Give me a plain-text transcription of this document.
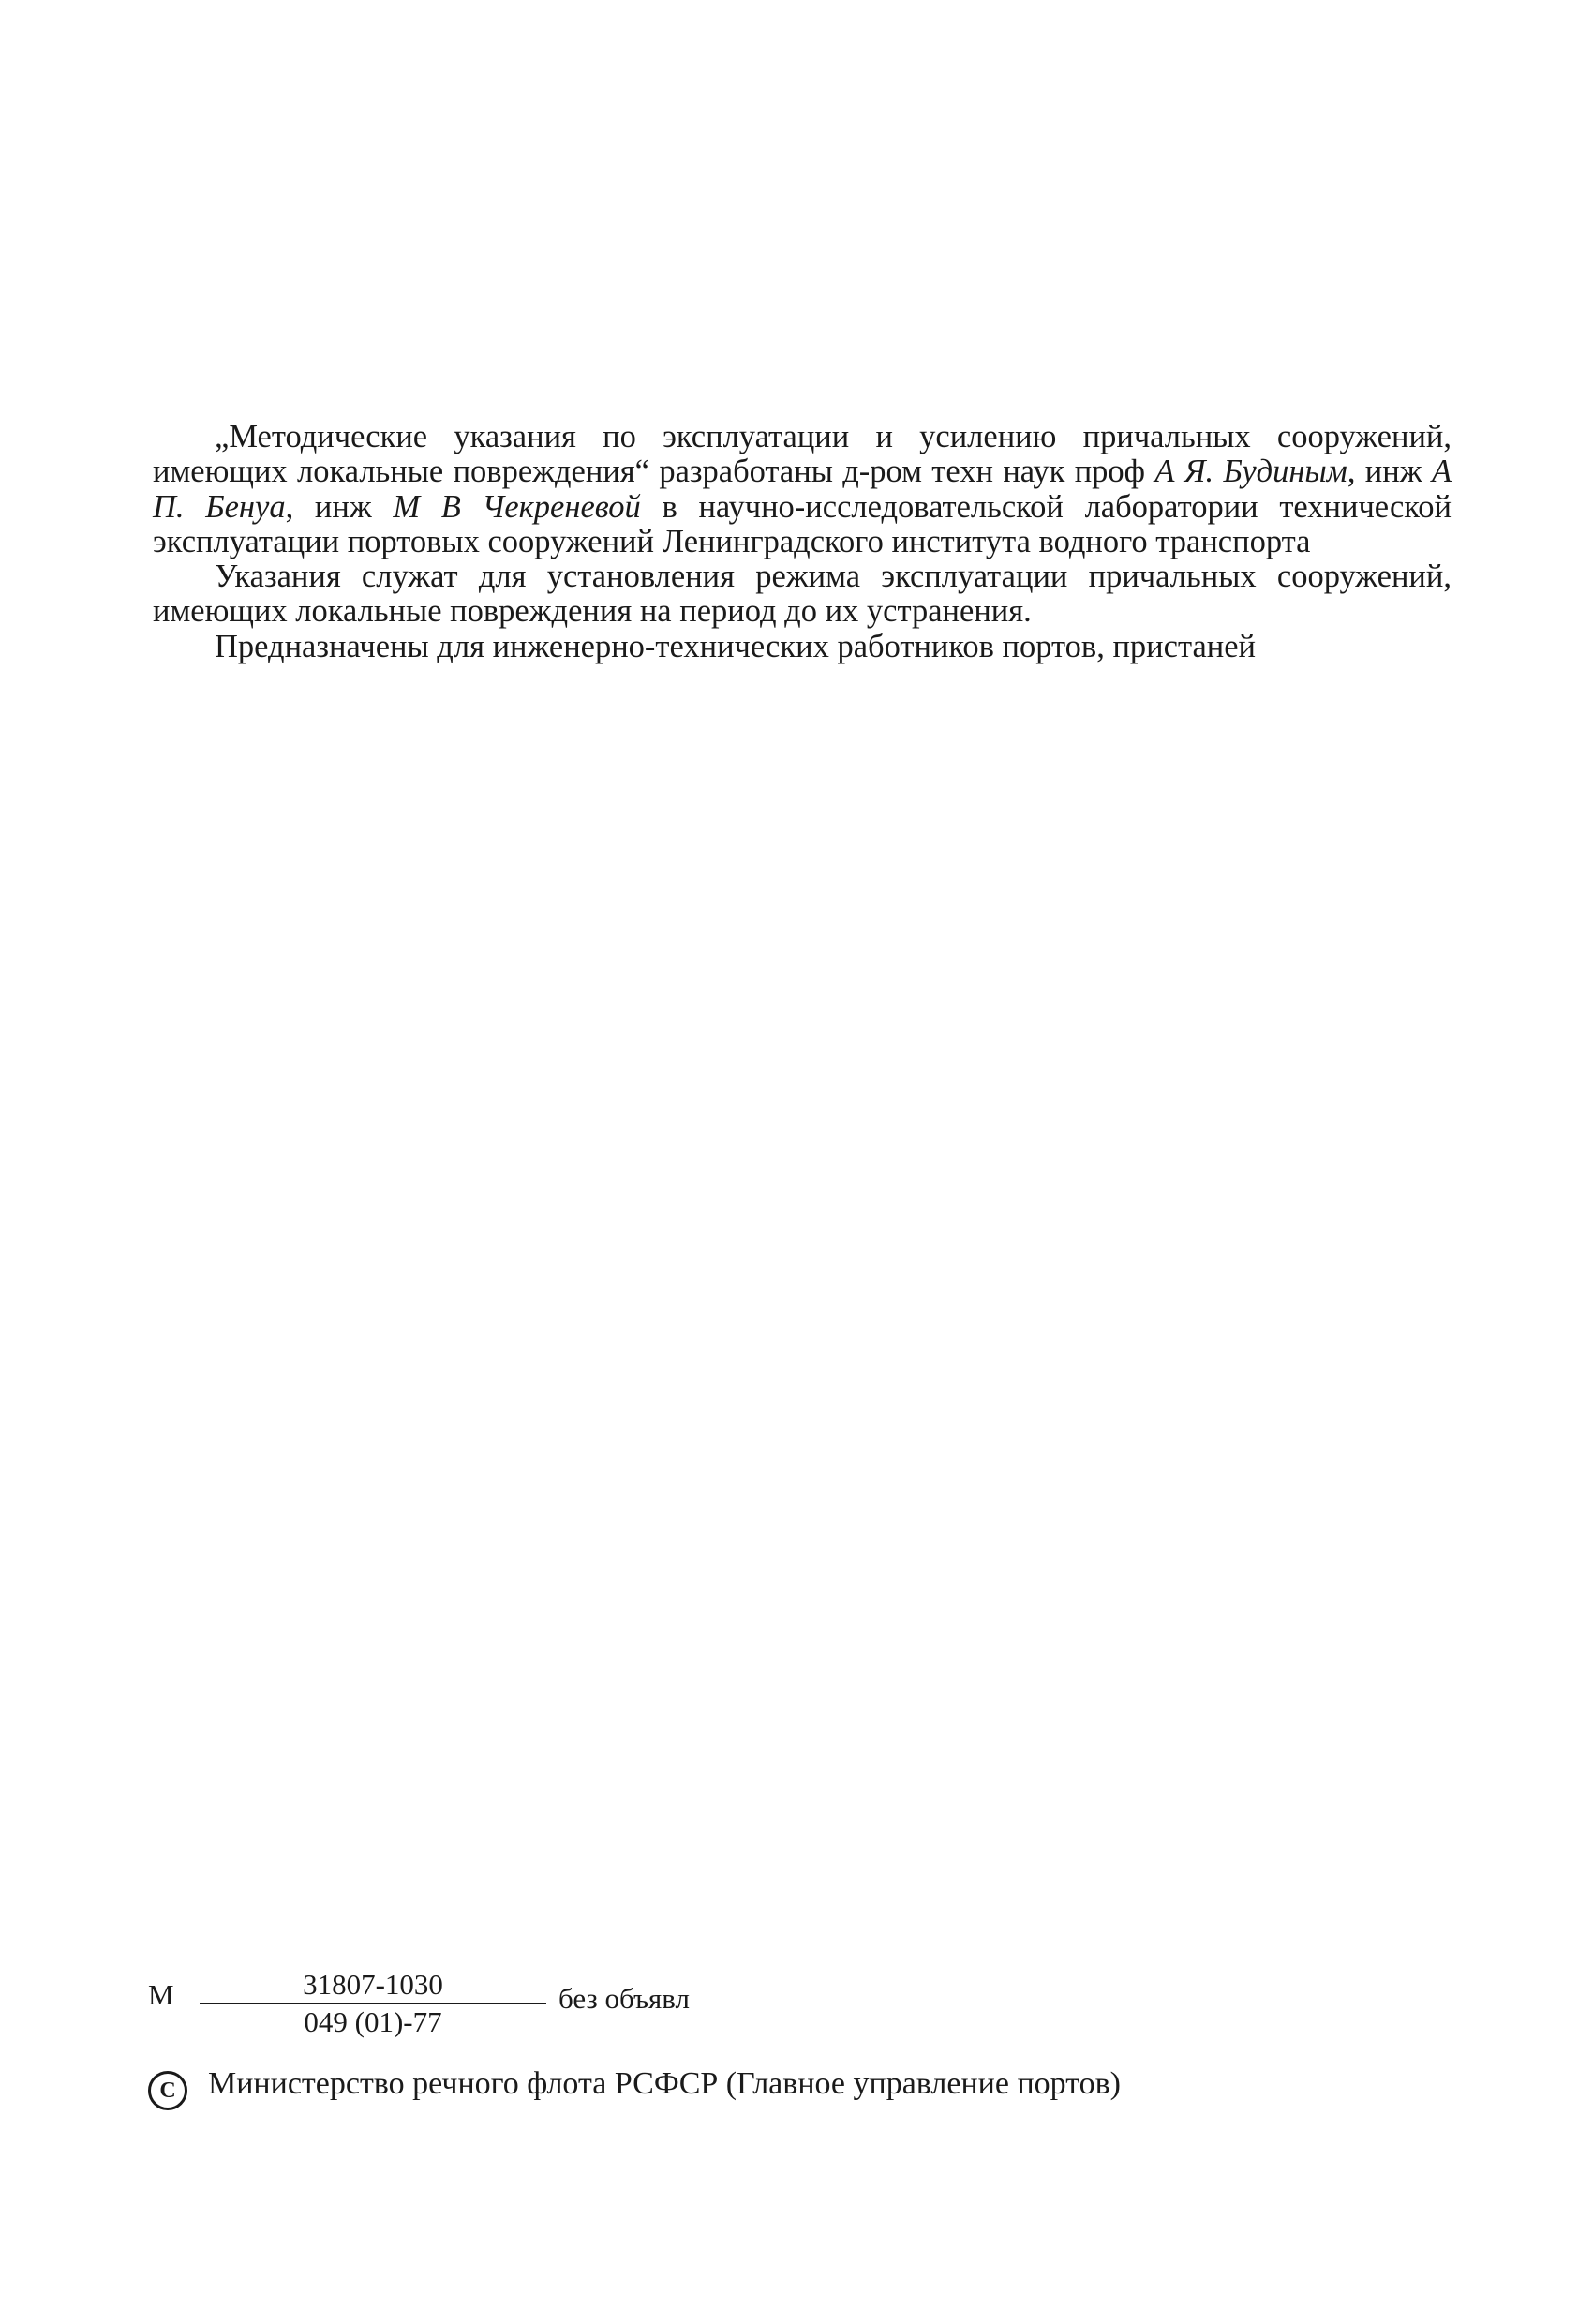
„Методические указания по эксплуатации и усилению причальных сооружений, имеющих локальные повреждения“ разработаны д-ром техн наук проф А Я. Будиным, инж А П. Бенуа, инж М В Чекреневой в научно-исследовательской лаборатории технической эксплуатации портовых сооружений Ленинградского института водного транспорта

Указания служат для установления режима эксплуатации причальных сооружений, имеющих локальные повреждения на период до их устранения.

Предназначены для инженерно-технических работников портов, пристаней

М $\frac{31807-1030}{049 (01)-77}$ без объявл
C Министерство речного флота РСФСР (Главное управление портов)
